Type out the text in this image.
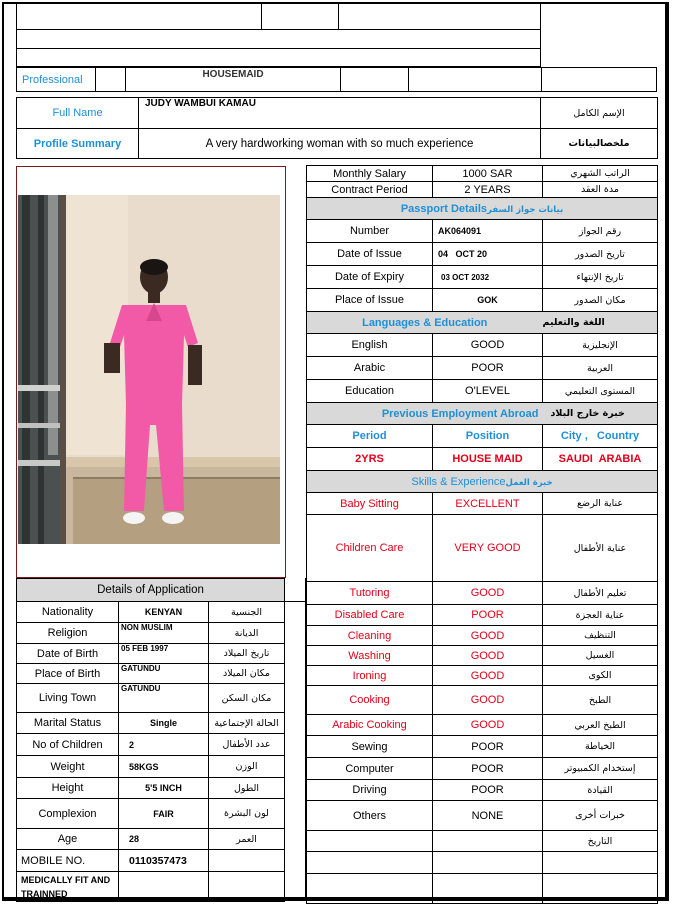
Professional	HOUSEMAID
Full Name	JUDY WAMBUI KAMAU	الإسم الكامل
Profile Summary	A very hardworking woman with so much experience	ملخصالبيانات
Details of Application		
Nationality	KENYAN	الجنسية
Religion	NON MUSLIM	الديانة
Date of Birth	05 FEB 1997	تاريخ الميلاد
Place of Birth	GATUNDU	مكان الميلاد
Living Town	GATUNDU	مكان السكن
Marital Status	Single	الحالة الإجتماعية
No of Children	2	عدد الأطفال
Weight	58KGS	الوزن
Height	5'5 INCH	الطول
Complexion	FAIR	لون البشرة
Age	28	العمر
MOBILE NO.	0110357473	
MEDICALLY FIT AND TRAINNED		
Monthly Salary	1000 SAR	الراتب الشهري
Contract Period	2 YEARS	مدة العقد
Passport Detailsبيانات جواز السفر		
Number	AK064091	رقم الجواز
Date of Issue	04   OCT 20	تاريخ الصدور
Date of Expiry	03 OCT 2032	تاريخ الإنتهاء
Place of Issue	GOK	مكان الصدور
Languages & Education		اللغة والتعليم
English	GOOD	الإنجليزية
Arabic	POOR	العربية
Education	O'LEVEL	المستوى التعليمي
Previous Employment Abroad		خبرة خارج البلاد
Period	Position	City ,   Country
2YRS	HOUSE MAID	SAUDI  ARABIA
Skills & Experienceخبرة العمل		
Baby Sitting	EXCELLENT	عناية الرضع
Children Care	VERY GOOD	عناية الأطفال
Tutoring	GOOD	تعليم الأطفال
Disabled Care	POOR	عناية العجزة
Cleaning	GOOD	التنظيف
Washing	GOOD	الغسيل
Ironing	GOOD	الكوى
Cooking	GOOD	الطبخ
Arabic Cooking	GOOD	الطبخ العربي
Sewing	POOR	الخياطة
Computer	POOR	إستخدام الكمبيوتر
Driving	POOR	القيادة
Others	NONE	خبرات أخرى
		التاريخ
